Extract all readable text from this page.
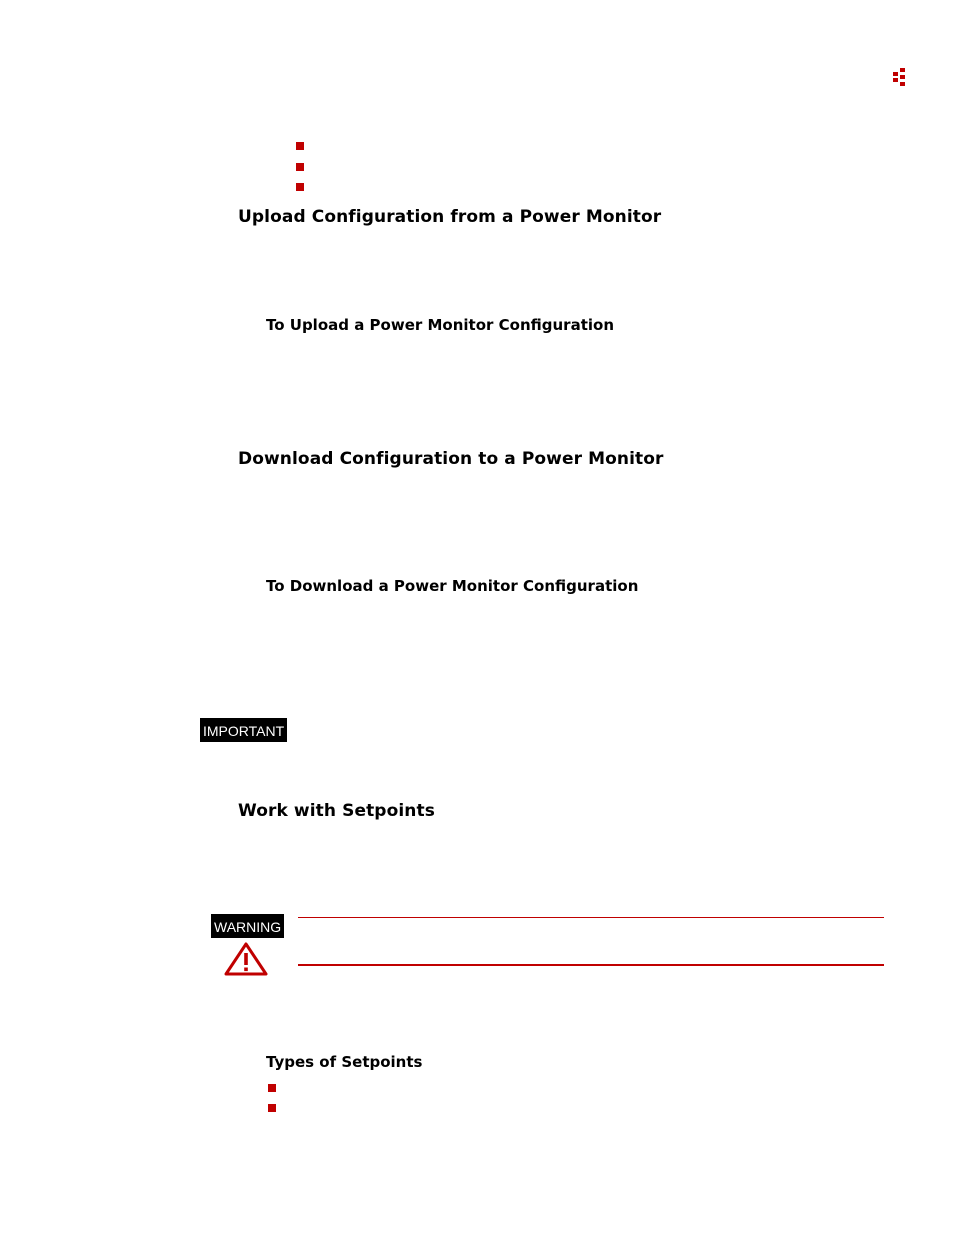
Upload Configuration from a Power Monitor
To Upload a Power Monitor Configuration
Download Configuration to a Power Monitor
To Download a Power Monitor Configuration
IMPORTANT
Work with Setpoints
WARNING
Types of Setpoints
